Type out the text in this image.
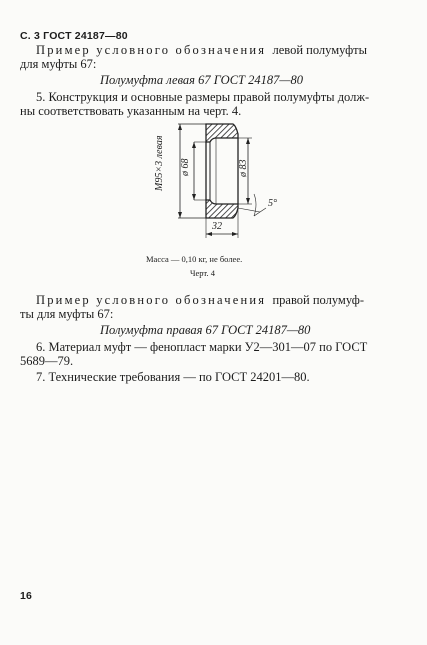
С. 3 ГОСТ 24187—80
Пример условного обозначения левой полумуфты
для муфты 67:
Полумуфта левая 67 ГОСТ 24187—80
5. Конструкция и основные размеры правой полумуфты долж-
ны соответствовать указанным на черт. 4.
М95×3 левая ø 68	ø 83
32
5°
Масса — 0,10 кг, не более.
Черт. 4
Пример условного обозначения правой полумуф-
ты для муфты 67:
Полумуфта правая 67 ГОСТ 24187—80
6. Материал муфт — фенопласт марки У2—301—07 по ГОСТ
5689—79.
7. Технические требования — по ГОСТ 24201—80.
16
